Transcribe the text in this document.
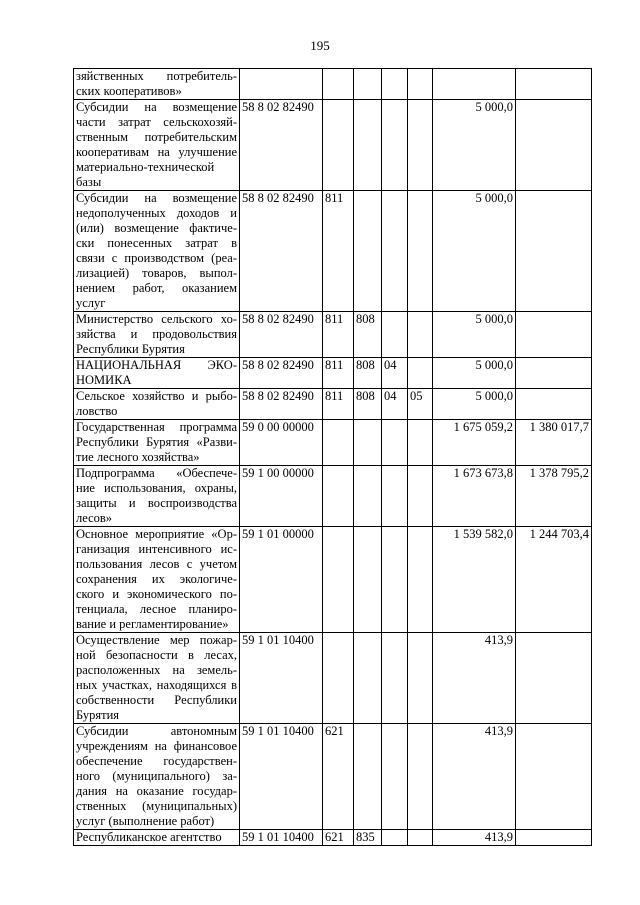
195
зяйственных потребитель-ских кооперативов»							
Субсидии на возмещение части затрат сельскохозяй-ственным потребительским кооперативам на улучшение материально-технической базы	58 8 02 82490					5 000,0	
Субсидии на возмещение недополученных доходов и (или) возмещение фактиче-ски понесенных затрат в связи с производством (реа-лизацией) товаров, выпол-нением работ, оказанием услуг	58 8 02 82490	811				5 000,0	
Министерство сельского хо-зяйства и продовольствия Республики Бурятия	58 8 02 82490	811	808			5 000,0	
НАЦИОНАЛЬНАЯ ЭКО-НОМИКА	58 8 02 82490	811	808	04		5 000,0	
Сельское хозяйство и рыбо-ловство	58 8 02 82490	811	808	04	05	5 000,0	
Государственная программа Республики Бурятия «Разви-тие лесного хозяйства»	59 0 00 00000					1 675 059,2	1 380 017,7
Подпрограмма «Обеспече-ние использования, охраны, защиты и воспроизводства лесов»	59 1 00 00000					1 673 673,8	1 378 795,2
Основное мероприятие «Ор-ганизация интенсивного ис-пользования лесов с учетом сохранения их экологиче-ского и экономического по-тенциала, лесное планиро-вание и регламентирование»	59 1 01 00000					1 539 582,0	1 244 703,4
Осуществление мер пожар-ной безопасности в лесах, расположенных на земель-ных участках, находящихся в собственности Республики Бурятия	59 1 01 10400					413,9	
Субсидии автономным учреждениям на финансовое обеспечение государствен-ного (муниципального) за-дания на оказание государ-ственных (муниципальных) услуг (выполнение работ)	59 1 01 10400	621				413,9	
Республиканское агентство	59 1 01 10400	621	835			413,9	
